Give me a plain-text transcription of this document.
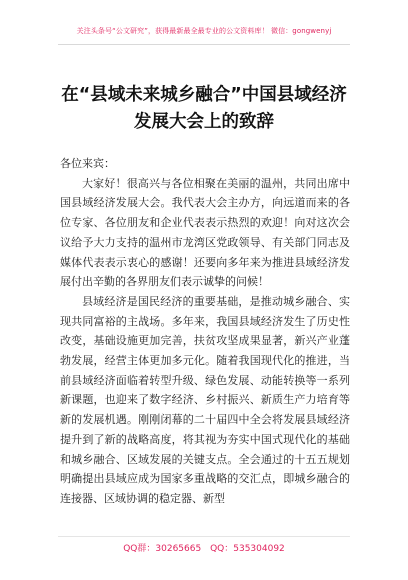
关注头条号“公文研究”，获得最新最全最专业的公文资料库！ 微信：gongwenyj
在“县域未来城乡融合”中国县域经济发展大会上的致辞

各位来宾：

大家好！很高兴与各位相聚在美丽的温州，共同出席中国县域经济发展大会。我代表大会主办方，向远道而来的各位专家、各位朋友和企业代表表示热烈的欢迎！向对这次会议给予大力支持的温州市龙湾区党政领导、有关部门同志及媒体代表表示衷心的感谢！还要向多年来为推进县域经济发展付出辛勤的各界朋友们表示诚挚的问候！

县域经济是国民经济的重要基础，是推动城乡融合、实现共同富裕的主战场。多年来，我国县域经济发生了历史性改变，基础设施更加完善，扶贫攻坚成果显著，新兴产业蓬勃发展，经营主体更加多元化。随着我国现代化的推进，当前县域经济面临着转型升级、绿色发展、动能转换等一系列新课题，也迎来了数字经济、乡村振兴、新质生产力培育等新的发展机遇。刚刚闭幕的二十届四中全会将发展县域经济提升到了新的战略高度，将其视为夯实中国式现代化的基础和城乡融合、区域发展的关键支点。全会通过的十五五规划明确提出县域应成为国家多重战略的交汇点，即城乡融合的连接器、区域协调的稳定器、新型

QQ群：30265665 QQ：535304092
